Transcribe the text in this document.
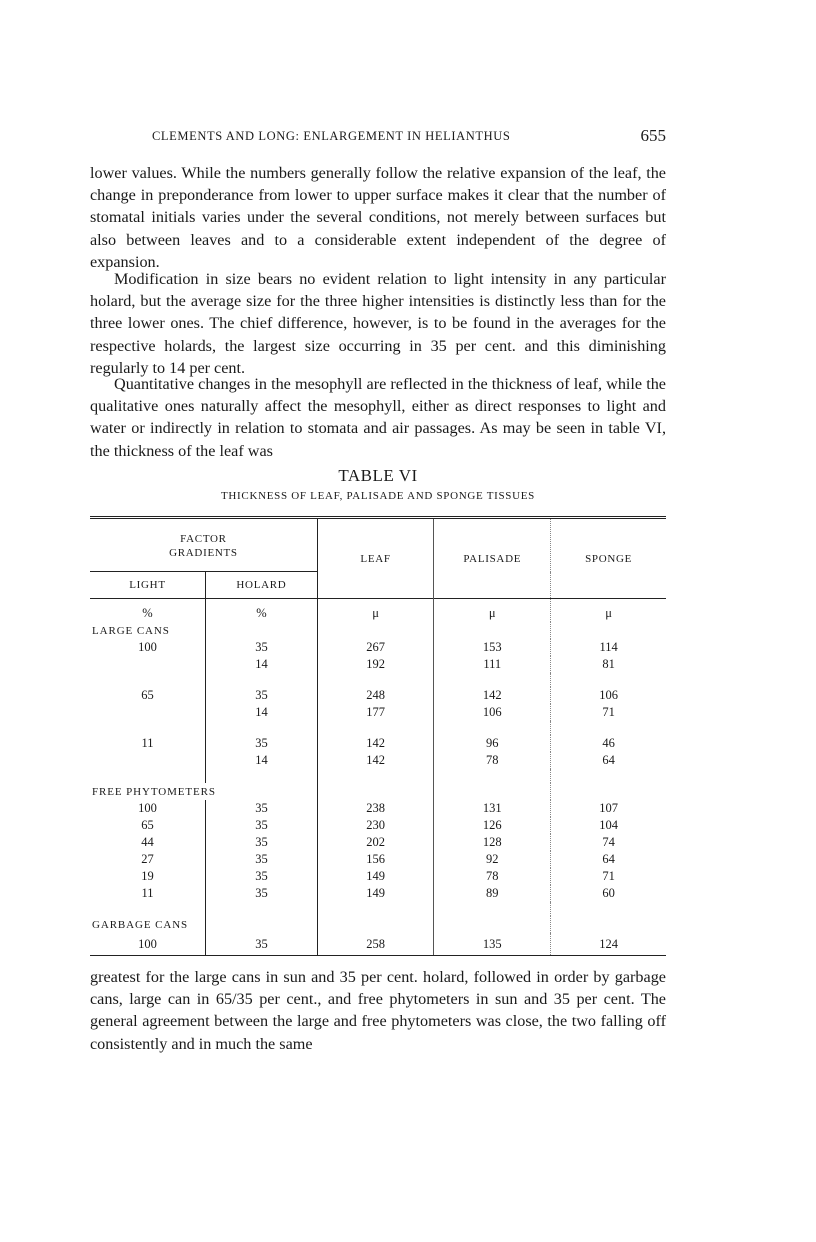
CLEMENTS AND LONG: ENLARGEMENT IN HELIANTHUS	655

lower values. While the numbers generally follow the relative expansion of the leaf, the change in preponderance from lower to upper surface makes it clear that the number of stomatal initials varies under the several conditions, not merely between surfaces but also between leaves and to a considerable extent independent of the degree of expansion.

Modification in size bears no evident relation to light intensity in any particular holard, but the average size for the three higher intensities is distinctly less than for the three lower ones. The chief difference, however, is to be found in the averages for the respective holards, the largest size occurring in 35 per cent. and this diminishing regularly to 14 per cent.

Quantitative changes in the mesophyll are reflected in the thickness of leaf, while the qualitative ones naturally affect the mesophyll, either as direct responses to light and water or indirectly in relation to stomata and air passages. As may be seen in table VI, the thickness of the leaf was

TABLE VI
THICKNESS OF LEAF, PALISADE AND SPONGE TISSUES
FACTOR
GRADIENTS		LEAF	PALISADE	SPONGE
LIGHT	HOLARD			
%	%	μ	μ	μ
LARGE CANS				
100	35	267	153	114
	14	192	111	81

65	35	248	142	106
	14	177	106	71

11	35	142	96	46
	14	142	78	64

FREE PHYTOMETERS				
100	35	238	131	107
65	35	230	126	104
44	35	202	128	74
27	35	156	92	64
19	35	149	78	71
11	35	149	89	60

GARBAGE CANS				
100	35	258	135	124

greatest for the large cans in sun and 35 per cent. holard, followed in order by garbage cans, large can in 65/35 per cent., and free phytometers in sun and 35 per cent. The general agreement between the large and free phytometers was close, the two falling off consistently and in much the same
